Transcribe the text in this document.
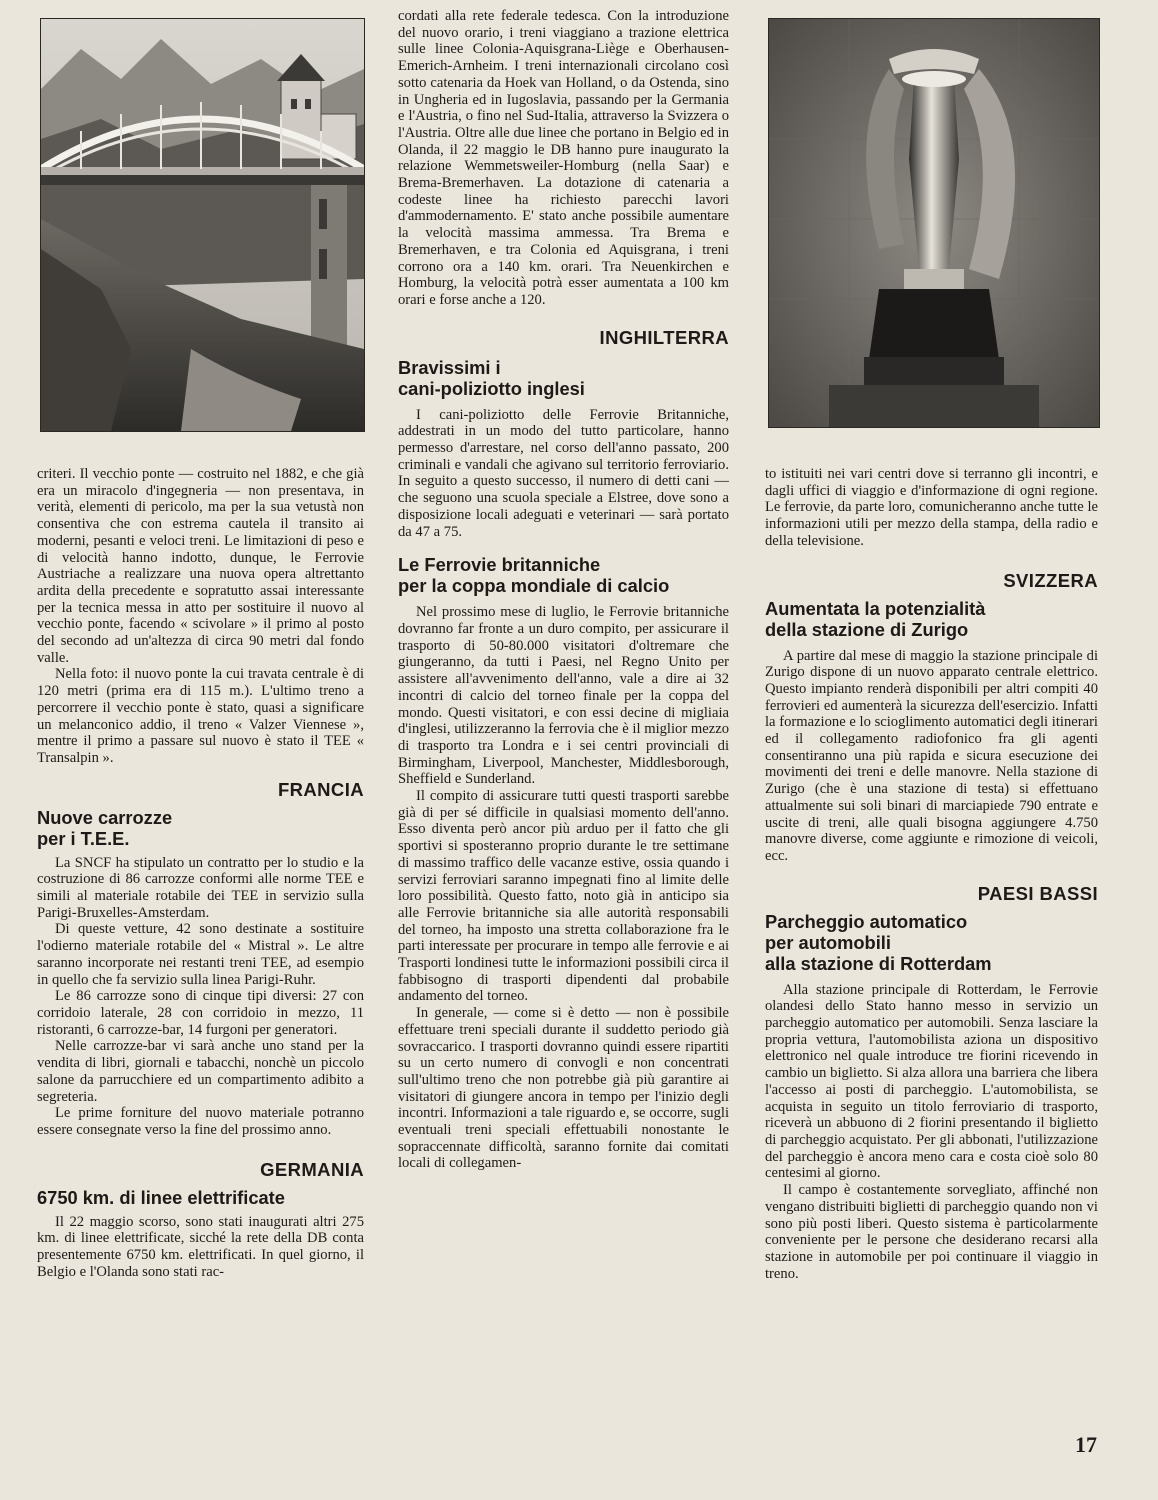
criteri. Il vecchio ponte — costruito nel 1882, e che già era un miracolo d'ingegneria — non presentava, in verità, elementi di pericolo, ma per la sua vetustà non consentiva che con estrema cautela il transito ai moderni, pesanti e veloci treni. Le limitazioni di peso e di velocità hanno indotto, dunque, le Ferrovie Austriache a realizzare una nuova opera altrettanto ardita della precedente e sopratutto assai interessante per la tecnica messa in atto per sostituire il nuovo al vecchio ponte, facendo « scivolare » il primo al posto del secondo ad un'altezza di circa 90 metri dal fondo valle.

Nella foto: il nuovo ponte la cui travata centrale è di 120 metri (prima era di 115 m.). L'ultimo treno a percorrere il vecchio ponte è stato, quasi a significare un melanconico addio, il treno « Valzer Viennese », mentre il primo a passare sul nuovo è stato il TEE « Transalpin ».

FRANCIA

Nuove carrozze

per i T.E.E.

La SNCF ha stipulato un contratto per lo studio e la costruzione di 86 carrozze conformi alle norme TEE e simili al materiale rotabile dei TEE in servizio sulla Parigi-Bruxelles-Amsterdam.

Di queste vetture, 42 sono destinate a sostituire l'odierno materiale rotabile del « Mistral ». Le altre saranno incorporate nei restanti treni TEE, ad esempio in quello che fa servizio sulla linea Parigi-Ruhr.

Le 86 carrozze sono di cinque tipi diversi: 27 con corridoio laterale, 28 con corridoio in mezzo, 11 ristoranti, 6 carrozze-bar, 14 furgoni per generatori.

Nelle carrozze-bar vi sarà anche uno stand per la vendita di libri, giornali e tabacchi, nonchè un piccolo salone da parrucchiere ed un compartimento adibito a segreteria.

Le prime forniture del nuovo materiale potranno essere consegnate verso la fine del prossimo anno.

GERMANIA

6750 km. di linee elettrificate

Il 22 maggio scorso, sono stati inaugurati altri 275 km. di linee elettrificate, sicché la rete della DB conta presentemente 6750 km. elettrificati. In quel giorno, il Belgio e l'Olanda sono stati rac-

cordati alla rete federale tedesca. Con la introduzione del nuovo orario, i treni viaggiano a trazione elettrica sulle linee Colonia-Aquisgrana-Liège e Oberhausen-Emerich-Arnheim. I treni internazionali circolano così sotto catenaria da Hoek van Holland, o da Ostenda, sino in Ungheria ed in Iugoslavia, passando per la Germania e l'Austria, o fino nel Sud-Italia, attraverso la Svizzera o l'Austria. Oltre alle due linee che portano in Belgio ed in Olanda, il 22 maggio le DB hanno pure inaugurato la relazione Wemmetsweiler-Homburg (nella Saar) e Brema-Bremerhaven. La dotazione di catenaria a codeste linee ha richiesto parecchi lavori d'ammodernamento. E' stato anche possibile aumentare la velocità massima ammessa. Tra Brema e Bremerhaven, e tra Colonia ed Aquisgrana, i treni corrono ora a 140 km. orari. Tra Neuenkirchen e Homburg, la velocità potrà esser aumentata a 100 km orari e forse anche a 120.

INGHILTERRA

Bravissimi i

cani-poliziotto inglesi

I cani-poliziotto delle Ferrovie Britanniche, addestrati in un modo del tutto particolare, hanno permesso d'arrestare, nel corso dell'anno passato, 200 criminali e vandali che agivano sul territorio ferroviario. In seguito a questo successo, il numero di detti cani — che seguono una scuola speciale a Elstree, dove sono a disposizione locali adeguati e veterinari — sarà portato da 47 a 75.

Le Ferrovie britanniche

per la coppa mondiale di calcio

Nel prossimo mese di luglio, le Ferrovie britanniche dovranno far fronte a un duro compito, per assicurare il trasporto di 50-80.000 visitatori d'oltremare che giungeranno, da tutti i Paesi, nel Regno Unito per assistere all'avvenimento dell'anno, vale a dire ai 32 incontri di calcio del torneo finale per la coppa del mondo. Questi visitatori, e con essi decine di migliaia d'inglesi, utilizzeranno la ferrovia che è il miglior mezzo di trasporto tra Londra e i sei centri provinciali di Birmingham, Liverpool, Manchester, Middlesborough, Sheffield e Sunderland.

Il compito di assicurare tutti questi trasporti sarebbe già di per sé difficile in qualsiasi momento dell'anno. Esso diventa però ancor più arduo per il fatto che gli sportivi si sposteranno proprio durante le tre settimane di massimo traffico delle vacanze estive, ossia quando i servizi ferroviari saranno impegnati fino al limite delle loro possibilità. Questo fatto, noto già in anticipo sia alle Ferrovie britanniche sia alle autorità responsabili del torneo, ha imposto una stretta collaborazione fra le parti interessate per procurare in tempo alle ferrovie e ai Trasporti londinesi tutte le informazioni possibili circa il fabbisogno di trasporti dipendenti dal probabile andamento del torneo.

In generale, — come si è detto — non è possibile effettuare treni speciali durante il suddetto periodo già sovraccarico. I trasporti dovranno quindi essere ripartiti su un certo numero di convogli e non concentrati sull'ultimo treno che non potrebbe già più garantire ai visitatori di giungere ancora in tempo per l'inizio degli incontri. Informazioni a tale riguardo e, se occorre, sugli eventuali treni speciali effettuabili nonostante le sopraccennate difficoltà, saranno fornite dai comitati locali di collegamen-

to istituiti nei vari centri dove si terranno gli incontri, e dagli uffici di viaggio e d'informazione di ogni regione. Le ferrovie, da parte loro, comunicheranno anche tutte le informazioni utili per mezzo della stampa, della radio e della televisione.

SVIZZERA

Aumentata la potenzialità

della stazione di Zurigo

A partire dal mese di maggio la stazione principale di Zurigo dispone di un nuovo apparato centrale elettrico. Questo impianto renderà disponibili per altri compiti 40 ferrovieri ed aumenterà la sicurezza dell'esercizio. Infatti la formazione e lo scioglimento automatici degli itinerari ed il collegamento radiofonico fra gli agenti consentiranno una più rapida e sicura esecuzione dei movimenti dei treni e delle manovre. Nella stazione di Zurigo (che è una stazione di testa) si effettuano attualmente sui soli binari di marciapiede 790 entrate e uscite di treni, alle quali bisogna aggiungere 4.750 manovre diverse, come aggiunte e rimozione di veicoli, ecc.

PAESI BASSI

Parcheggio automatico

per automobili

alla stazione di Rotterdam

Alla stazione principale di Rotterdam, le Ferrovie olandesi dello Stato hanno messo in servizio un parcheggio automatico per automobili. Senza lasciare la propria vettura, l'automobilista aziona un dispositivo elettronico nel quale introduce tre fiorini ricevendo in cambio un biglietto. Si alza allora una barriera che libera l'accesso ai posti di parcheggio. L'automobilista, se acquista in seguito un titolo ferroviario di trasporto, riceverà un abbuono di 2 fiorini presentando il biglietto di parcheggio acquistato. Per gli abbonati, l'utilizzazione del parcheggio è ancora meno cara e costa cioè solo 80 centesimi al giorno.

Il campo è costantemente sorvegliato, affinché non vengano distribuiti biglietti di parcheggio quando non vi sono più posti liberi. Questo sistema è particolarmente conveniente per le persone che desiderano recarsi alla stazione in automobile per poi continuare il viaggio in treno.

17
